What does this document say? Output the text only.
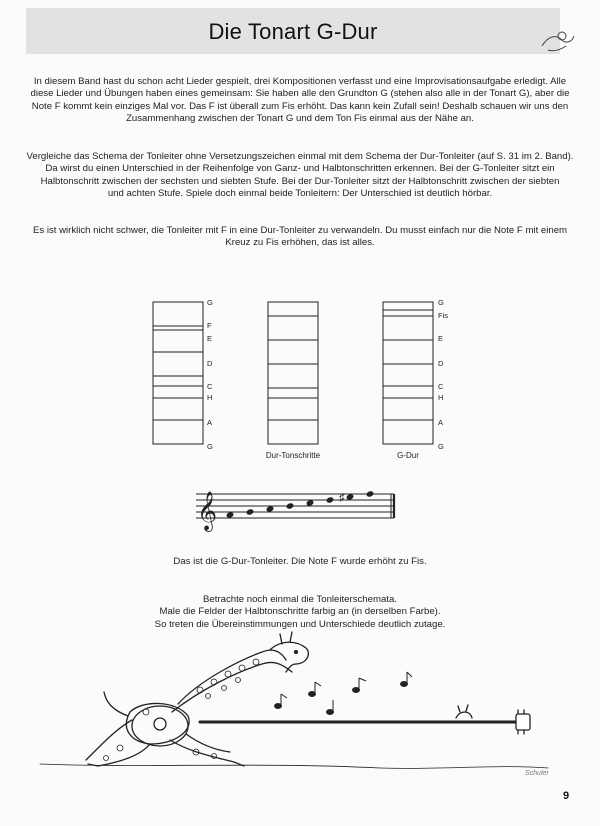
Die Tonart G-Dur
In diesem Band hast du schon acht Lieder gespielt, drei Kompositionen verfasst und eine Improvisationsaufgabe erledigt. Alle
diese Lieder und Übungen haben eines gemeinsam: Sie haben alle den Grundton G (stehen also alle in der Tonart G), aber die
Note F kommt kein einziges Mal vor. Das F ist überall zum Fis erhöht. Das kann kein Zufall sein! Deshalb schauen wir uns den
Zusammenhang zwischen der Tonart G und dem Ton Fis einmal aus der Nähe an.
Vergleiche das Schema der Tonleiter ohne Versetzungszeichen einmal mit dem Schema der Dur-Tonleiter (auf S. 31 im 2. Band).
Da wirst du einen Unterschied in der Reihenfolge von Ganz- und Halbtonschritten erkennen. Bei der G-Tonleiter sitzt ein
Halbtonschritt zwischen der sechsten und siebten Stufe. Bei der Dur-Tonleiter sitzt der Halbtonschritt zwischen der siebten
und achten Stufe. Spiele doch einmal beide Tonleitern: Der Unterschied ist deutlich hörbar.
Es ist wirklich nicht schwer, die Tonleiter mit F in eine Dur-Tonleiter zu verwandeln. Du musst einfach nur die Note F mit einem
Kreuz zu Fis erhöhen, das ist alles.
G
F
E
D
C
H
A
G
G
Fis
E
D
C
H
A
G
𝄞	♯
Dur-Tonschritte	G-Dur
Das ist die G-Dur-Tonleiter. Die Note F wurde erhöht zu Fis.
Betrachte noch einmal die Tonleiterschemata.
Male die Felder der Halbtonschritte farbig an (in derselben Farbe).
So treten die Übereinstimmungen und Unterschiede deutlich zutage.
Schuler
9
